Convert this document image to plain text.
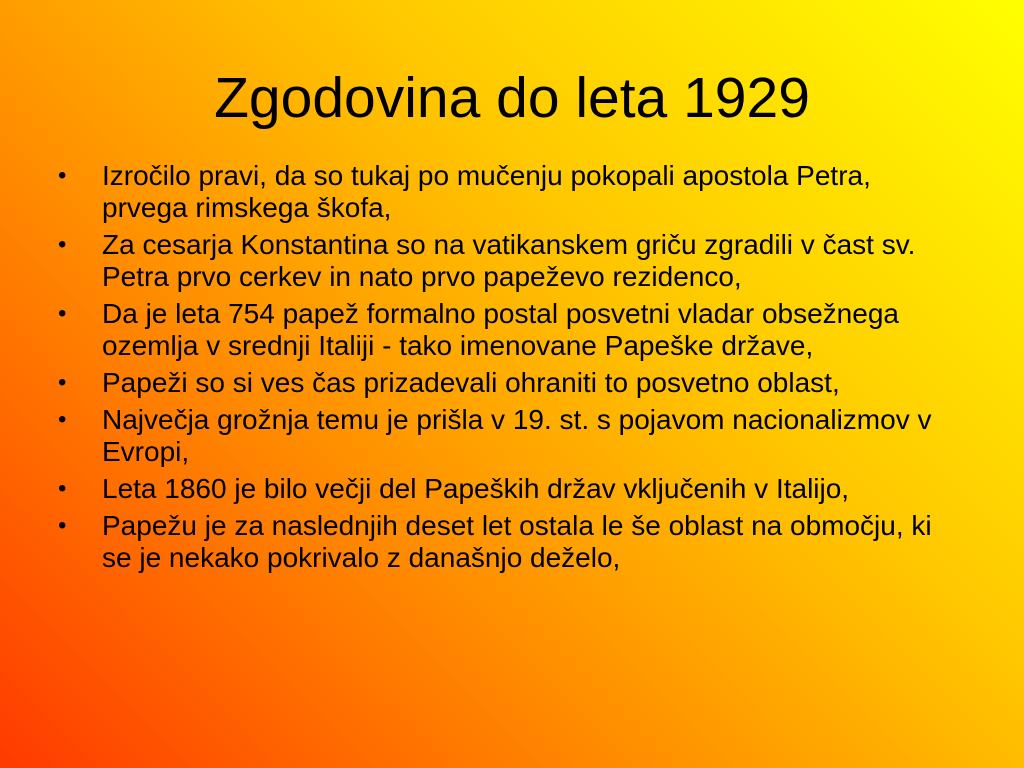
Zgodovina do leta 1929
•	Izročilo pravi, da so tukaj po mučenju pokopali apostola Petra, prvega rimskega škofa,
•	Za cesarja Konstantina so na vatikanskem griču zgradili v čast sv. Petra prvo cerkev in nato prvo papeževo rezidenco,
•	Da je leta 754 papež formalno postal posvetni vladar obsežnega ozemlja v srednji Italiji - tako imenovane Papeške države,
•	Papeži so si ves čas prizadevali ohraniti to posvetno oblast,
•	Največja grožnja temu je prišla v 19. st. s pojavom nacionalizmov v Evropi,
•	Leta 1860 je bilo večji del Papeških držav vključenih v Italijo,
•	Papežu je za naslednjih deset let ostala le še oblast na območju, ki se je nekako pokrivalo z današnjo deželo,
